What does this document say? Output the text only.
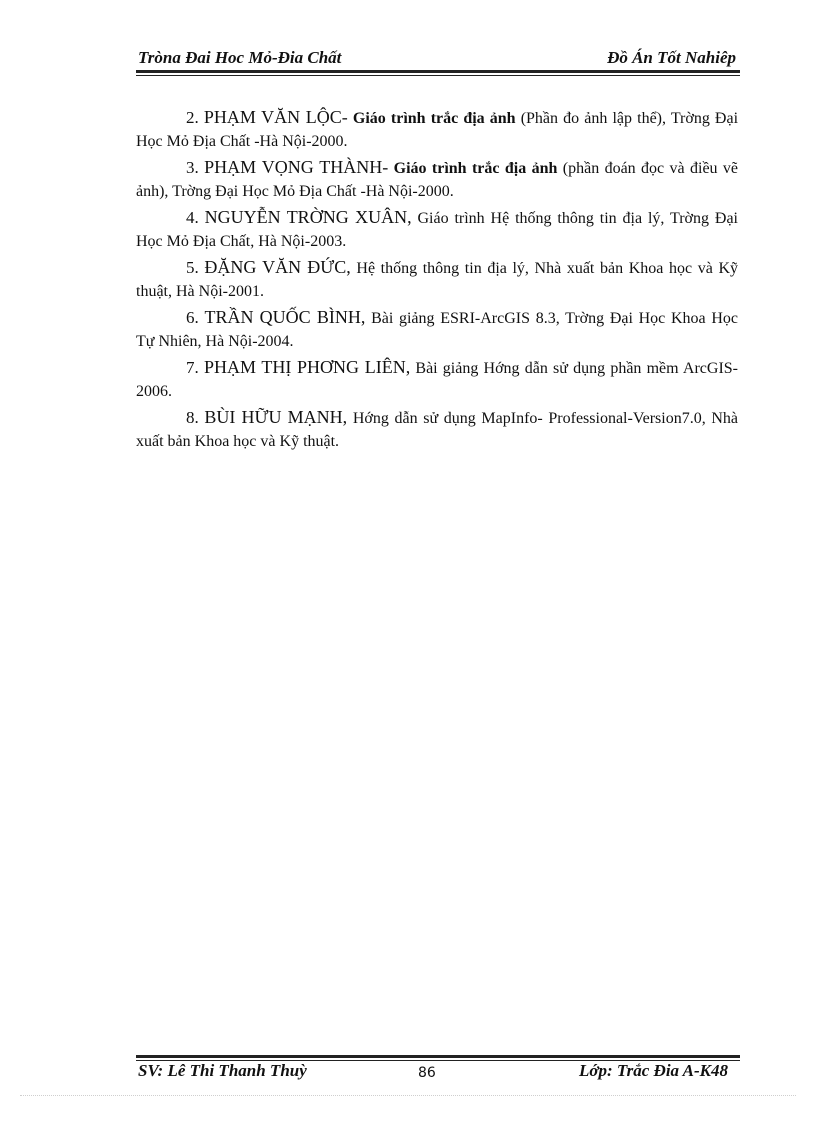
Tròna Đai Hoc Mỏ-Đia Chất	Đồ Án Tốt Nahiêp

2. PHẠM VĂN LỘC- Giáo trình trắc địa ảnh (Phần đo ảnh lập thể), Trờng Đại Học Mỏ Địa Chất -Hà Nội-2000.

3. PHẠM VỌNG THÀNH- Giáo trình trắc địa ảnh (phần đoán đọc và điều vẽ ảnh), Trờng Đại Học Mỏ Địa Chất -Hà Nội-2000.

4. NGUYỄN TRỜNG XUÂN, Giáo trình Hệ thống thông tin địa lý, Trờng Đại Học Mỏ Địa Chất, Hà Nội-2003.

5. ĐẶNG VĂN ĐỨC, Hệ thống thông tin địa lý, Nhà xuất bản Khoa học và Kỹ thuật, Hà Nội-2001.

6. TRẦN QUỐC BÌNH, Bài giảng ESRI-ArcGIS 8.3, Trờng Đại Học Khoa Học Tự Nhiên, Hà Nội-2004.

7. PHẠM THỊ PHƠNG LIÊN, Bài giảng Hớng dẫn sử dụng phần mềm ArcGIS- 2006.

8. BÙI HỮU MẠNH, Hớng dẫn sử dụng MapInfo- Professional-Version7.0, Nhà xuất bản Khoa học và Kỹ thuật.

SV: Lê Thi Thanh Thuỳ	86	Lớp: Trắc Đia A-K48
